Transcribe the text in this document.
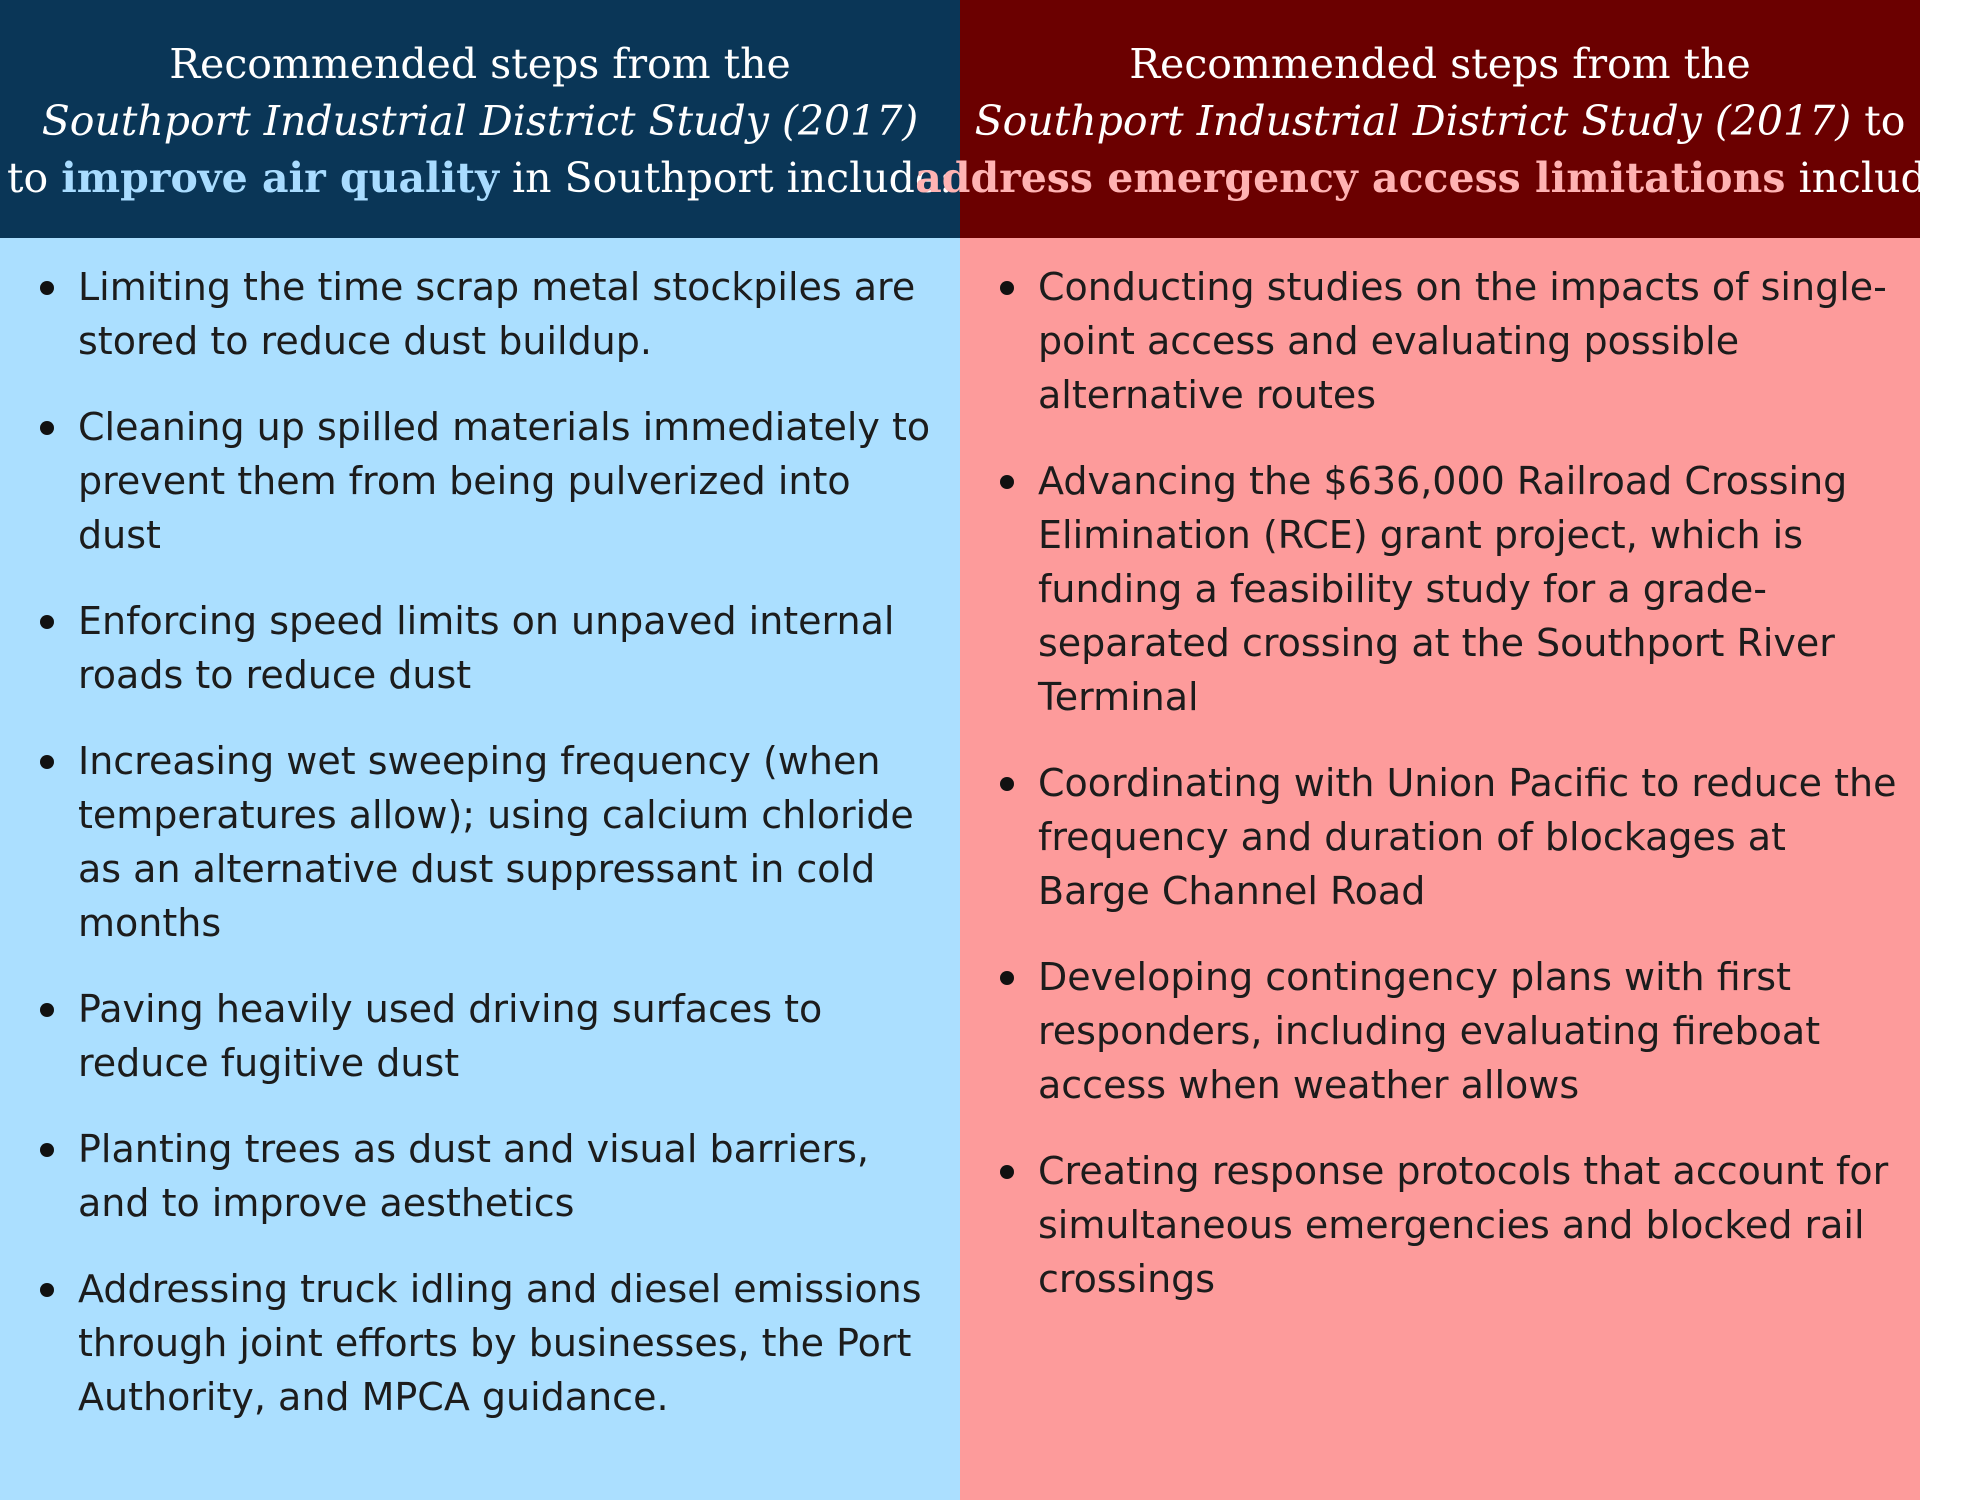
Recommended steps from the
Southport Industrial District Study (2017)
to improve air quality in Southport include:
Limiting the time scrap metal stockpiles are stored to reduce dust buildup.
Cleaning up spilled materials immediately to prevent them from being pulverized into dust
Enforcing speed limits on unpaved internal roads to reduce dust
Increasing wet sweeping frequency (when temperatures allow); using calcium chloride as an alternative dust suppressant in cold months
Paving heavily used driving surfaces to reduce fugitive dust
Planting trees as dust and visual barriers, and to improve aesthetics
Addressing truck idling and diesel emissions through joint efforts by businesses, the Port Authority, and MPCA guidance.
Recommended steps from the
Southport Industrial District Study (2017) to
address emergency access limitations include:
Conducting studies on the impacts of single-point access and evaluating possible alternative routes
Advancing the $636,000 Railroad Crossing Elimination (RCE) grant project, which is funding a feasibility study for a grade-separated crossing at the Southport River Terminal
Coordinating with Union Pacific to reduce the frequency and duration of blockages at Barge Channel Road
Developing contingency plans with first responders, including evaluating fireboat access when weather allows
Creating response protocols that account for simultaneous emergencies and blocked rail crossings
